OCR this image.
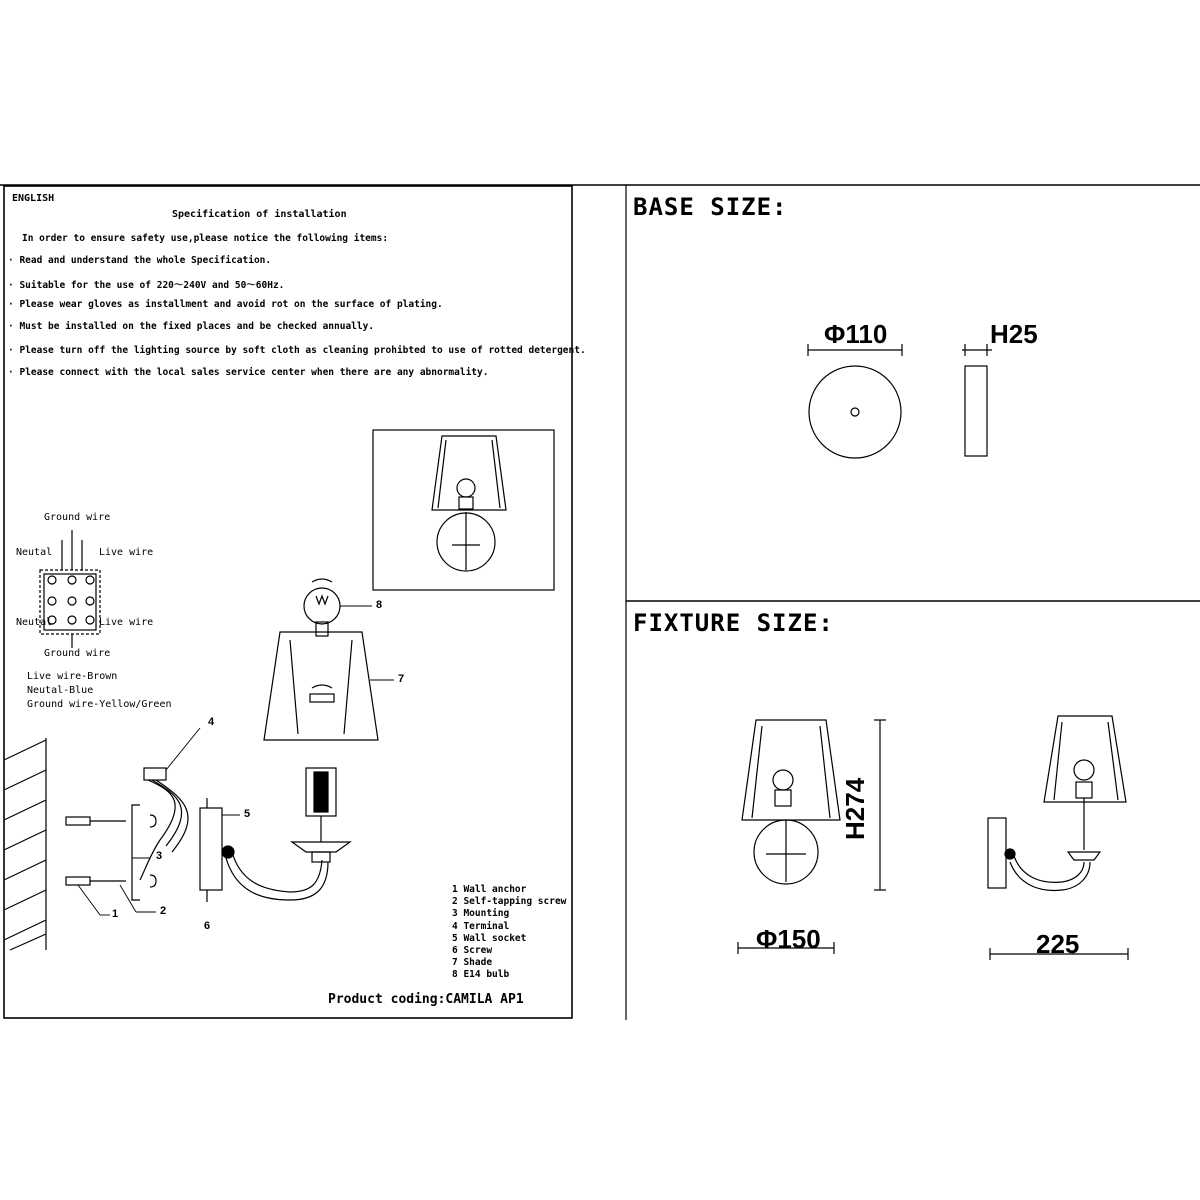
ENGLISH
Specification of installation
In order to ensure safety use,please notice the following items:
· Read and understand the whole Specification.
· Suitable for the use of 220～240V and 50～60Hz.
· Please wear gloves as installment and avoid rot on the surface of plating.
· Must be installed on the fixed places and be checked annually.
· Please turn off the lighting source by soft cloth as cleaning prohibted to use of rotted detergent.
· Please connect with the local sales service center when there are any abnormality.
Ground wire
Neutal	Live wire
Neutal	Live wire
Ground wire
Live wire-Brown
Neutal-Blue
Ground wire-Yellow/Green
1	2
3
4
5
6
7
8
1 Wall anchor
2 Self-tapping screw
3 Mounting
4 Terminal
5 Wall socket
6 Screw
7 Shade
8 E14 bulb
Product coding:CAMILA AP1
BASE SIZE:
Φ110	H25
FIXTURE SIZE:
H274
Φ150	225
